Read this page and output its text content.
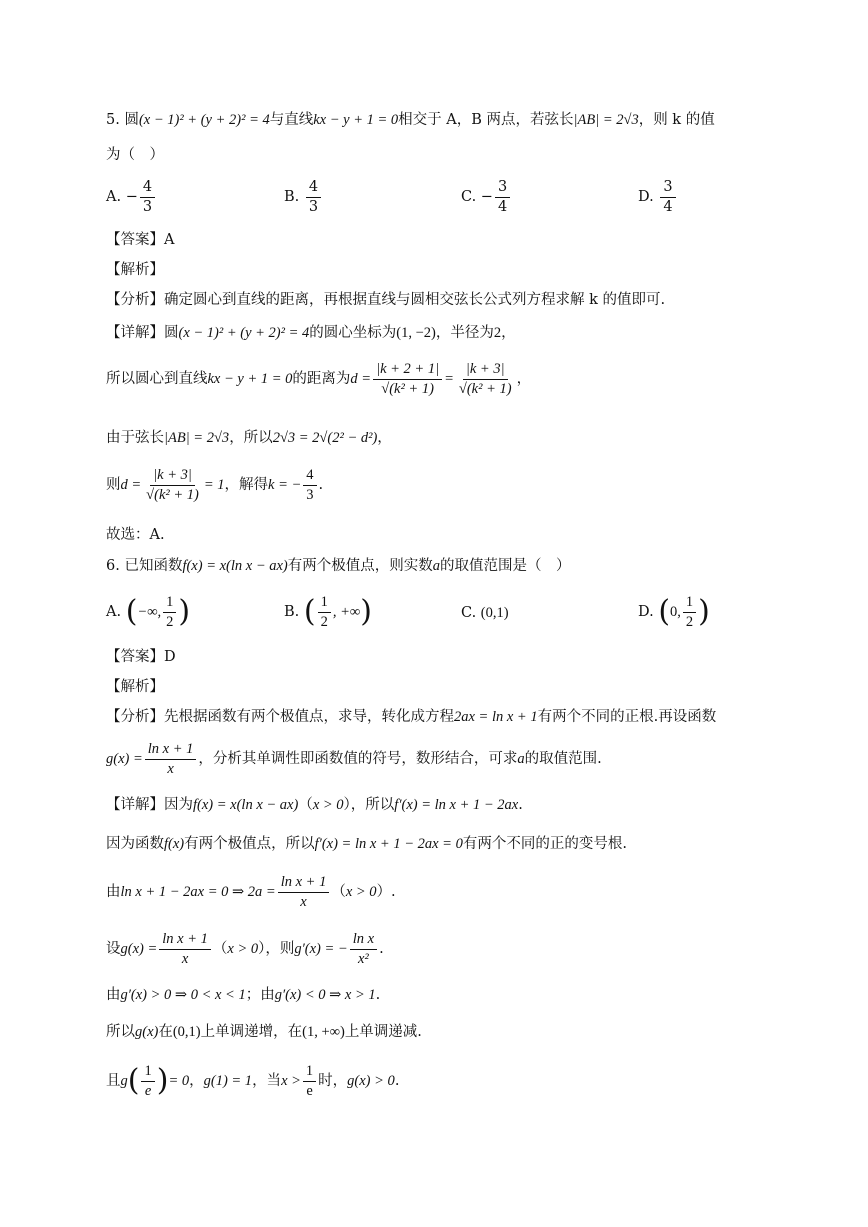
5. 圆(x − 1)² + (y + 2)² = 4与直线kx − y + 1 = 0相交于 A，B 两点，若弦长|AB| = 2√3，则 k 的值
为（　）
A. − $\frac{4}{3}$	B. $\frac{4}{3}$	C. − $\frac{3}{4}$	D. $\frac{3}{4}$
【答案】A
【解析】
【分析】确定圆心到直线的距离，再根据直线与圆相交弦长公式列方程求解 k 的值即可.
【详解】圆(x − 1)² + (y + 2)² = 4的圆心坐标为(1, −2)，半径为2，
所以圆心到直线kx − y + 1 = 0的距离为$d = \frac{|k + 2 + 1|}{\text{√(k² + 1)}} = \frac{|k + 3|}{\text{√(k² + 1)}}$ ，
由于弦长|AB| = 2√3，所以2√3 = 2√(2² − d²)，
则$d = \frac{|k + 3|}{\text{√(k² + 1)}} = 1$，解得k = − $\frac{4}{3}$ .
故选：A.
6. 已知函数f(x) = x(ln x − ax)有两个极值点，则实数a的取值范围是（　）
A. (−∞, $\frac{1}{2}$ )	B. ( $\frac{1}{2}$ , +∞)	C. (0,1)	D. (0, $\frac{1}{2}$ )
【答案】D
【解析】
【分析】先根据函数有两个极值点，求导，转化成方程2ax = ln x + 1有两个不同的正根.再设函数
$g(x) = \frac{\text{ln x + 1}}{x}$ ，分析其单调性即函数值的符号，数形结合，可求a的取值范围.
【详解】因为f(x) = x(ln x − ax)（x > 0），所以f′(x) = ln x + 1 − 2ax.
因为函数f(x)有两个极值点，所以f′(x) = ln x + 1 − 2ax = 0有两个不同的正的变号根.
由ln x + 1 − 2ax = 0 ⇒ $2a = \frac{\text{ln x + 1}}{x} (x > 0)$.
设$g(x) = \frac{\text{ln x + 1}}{x} (x > 0)$，则g′(x) = − $\frac{\text{ln x}}{\text{x²}}$ .
由g′(x) > 0 ⇒ 0 < x < 1；由g′(x) < 0 ⇒ x > 1.
所以g(x)在(0,1)上单调递增，在(1, +∞)上单调递减.
且$g( \frac{1}{e}$ )= 0，g(1) = 1，当$x > \frac{1}{e}$ 时，g(x) > 0.
